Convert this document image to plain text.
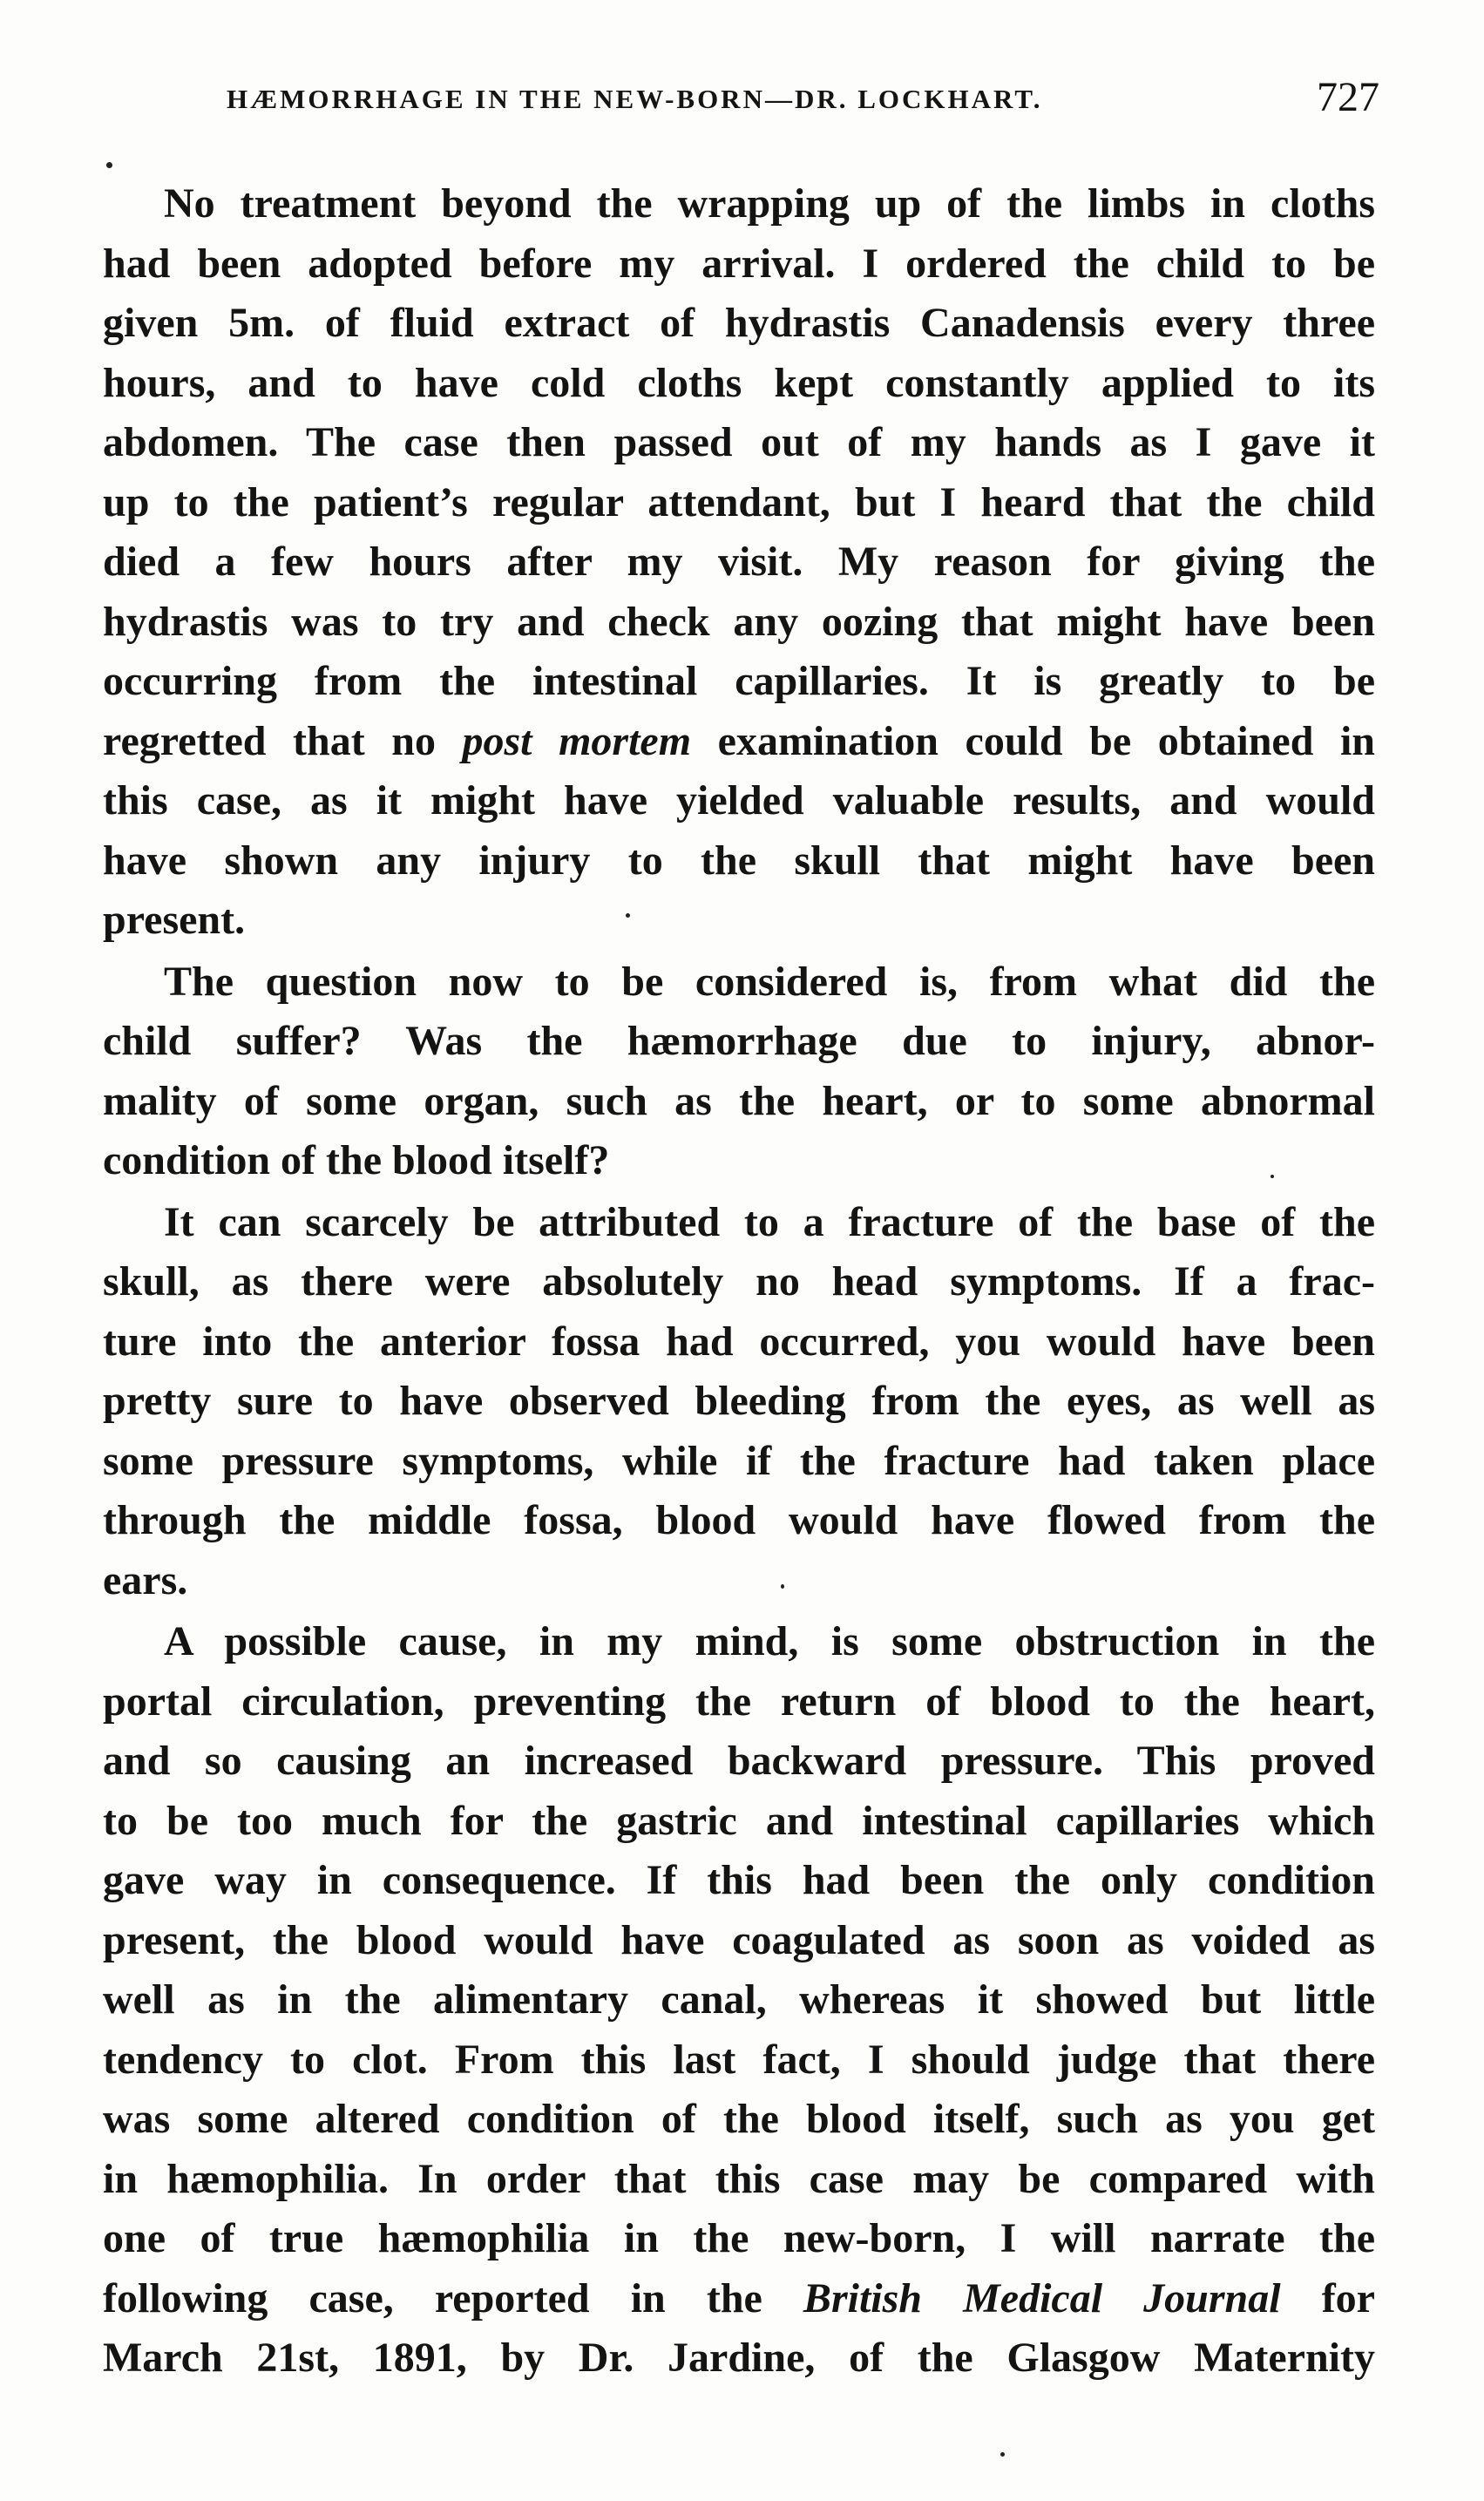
HÆMORRHAGE IN THE NEW-BORN—DR. LOCKHART.	727

No treatment beyond the wrapping up of the limbs in cloths
had been adopted before my arrival. I ordered the child to be
given 5m. of fluid extract of hydrastis Canadensis every three
hours, and to have cold cloths kept constantly applied to its
abdomen. The case then passed out of my hands as I gave it
up to the patient’s regular attendant, but I heard that the child
died a few hours after my visit. My reason for giving the
hydrastis was to try and check any oozing that might have been
occurring from the intestinal capillaries. It is greatly to be
regretted that no post mortem examination could be obtained in
this case, as it might have yielded valuable results, and would
have shown any injury to the skull that might have been
present.

The question now to be considered is, from what did the
child suffer? Was the hæmorrhage due to injury, abnor-
mality of some organ, such as the heart, or to some abnormal
condition of the blood itself?

It can scarcely be attributed to a fracture of the base of the
skull, as there were absolutely no head symptoms. If a frac-
ture into the anterior fossa had occurred, you would have been
pretty sure to have observed bleeding from the eyes, as well as
some pressure symptoms, while if the fracture had taken place
through the middle fossa, blood would have flowed from the
ears.

A possible cause, in my mind, is some obstruction in the
portal circulation, preventing the return of blood to the heart,
and so causing an increased backward pressure. This proved
to be too much for the gastric and intestinal capillaries which
gave way in consequence. If this had been the only condition
present, the blood would have coagulated as soon as voided as
well as in the alimentary canal, whereas it showed but little
tendency to clot. From this last fact, I should judge that there
was some altered condition of the blood itself, such as you get
in hæmophilia. In order that this case may be compared with
one of true hæmophilia in the new-born, I will narrate the
following case, reported in the British Medical Journal for
March 21st, 1891, by Dr. Jardine, of the Glasgow Maternity
